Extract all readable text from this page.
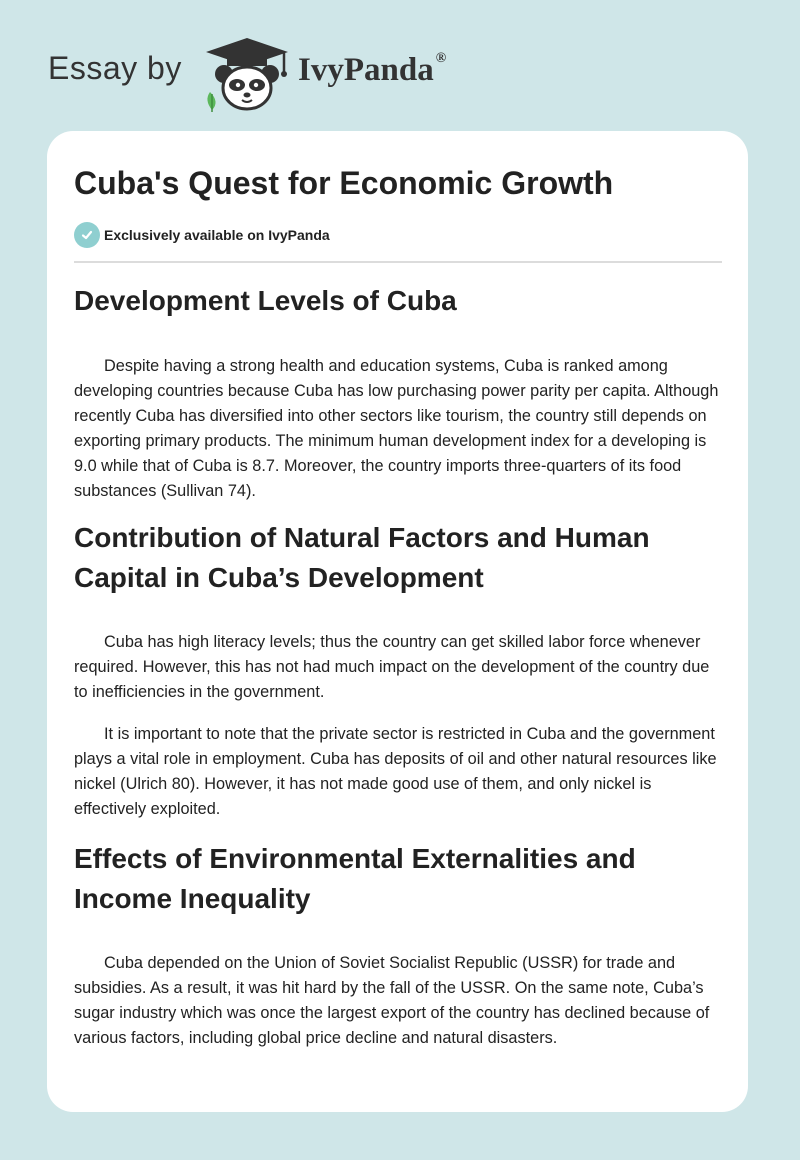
Essay by	IvyPanda ®
Cuba's Quest for Economic Growth
Exclusively available on IvyPanda
Development Levels of Cuba

Despite having a strong health and education systems, Cuba is ranked among developing countries because Cuba has low purchasing power parity per capita. Although recently Cuba has diversified into other sectors like tourism, the country still depends on exporting primary products. The minimum human development index for a developing is 9.0 while that of Cuba is 8.7. Moreover, the country imports three-quarters of its food substances (Sullivan 74).

Contribution of Natural Factors and Human Capital in Cuba’s Development

Cuba has high literacy levels; thus the country can get skilled labor force whenever required. However, this has not had much impact on the development of the country due to inefficiencies in the government.

It is important to note that the private sector is restricted in Cuba and the government plays a vital role in employment. Cuba has deposits of oil and other natural resources like nickel (Ulrich 80). However, it has not made good use of them, and only nickel is effectively exploited.

Effects of Environmental Externalities and Income Inequality

Cuba depended on the Union of Soviet Socialist Republic (USSR) for trade and subsidies. As a result, it was hit hard by the fall of the USSR. On the same note, Cuba’s sugar industry which was once the largest export of the country has declined because of various factors, including global price decline and natural disasters.
